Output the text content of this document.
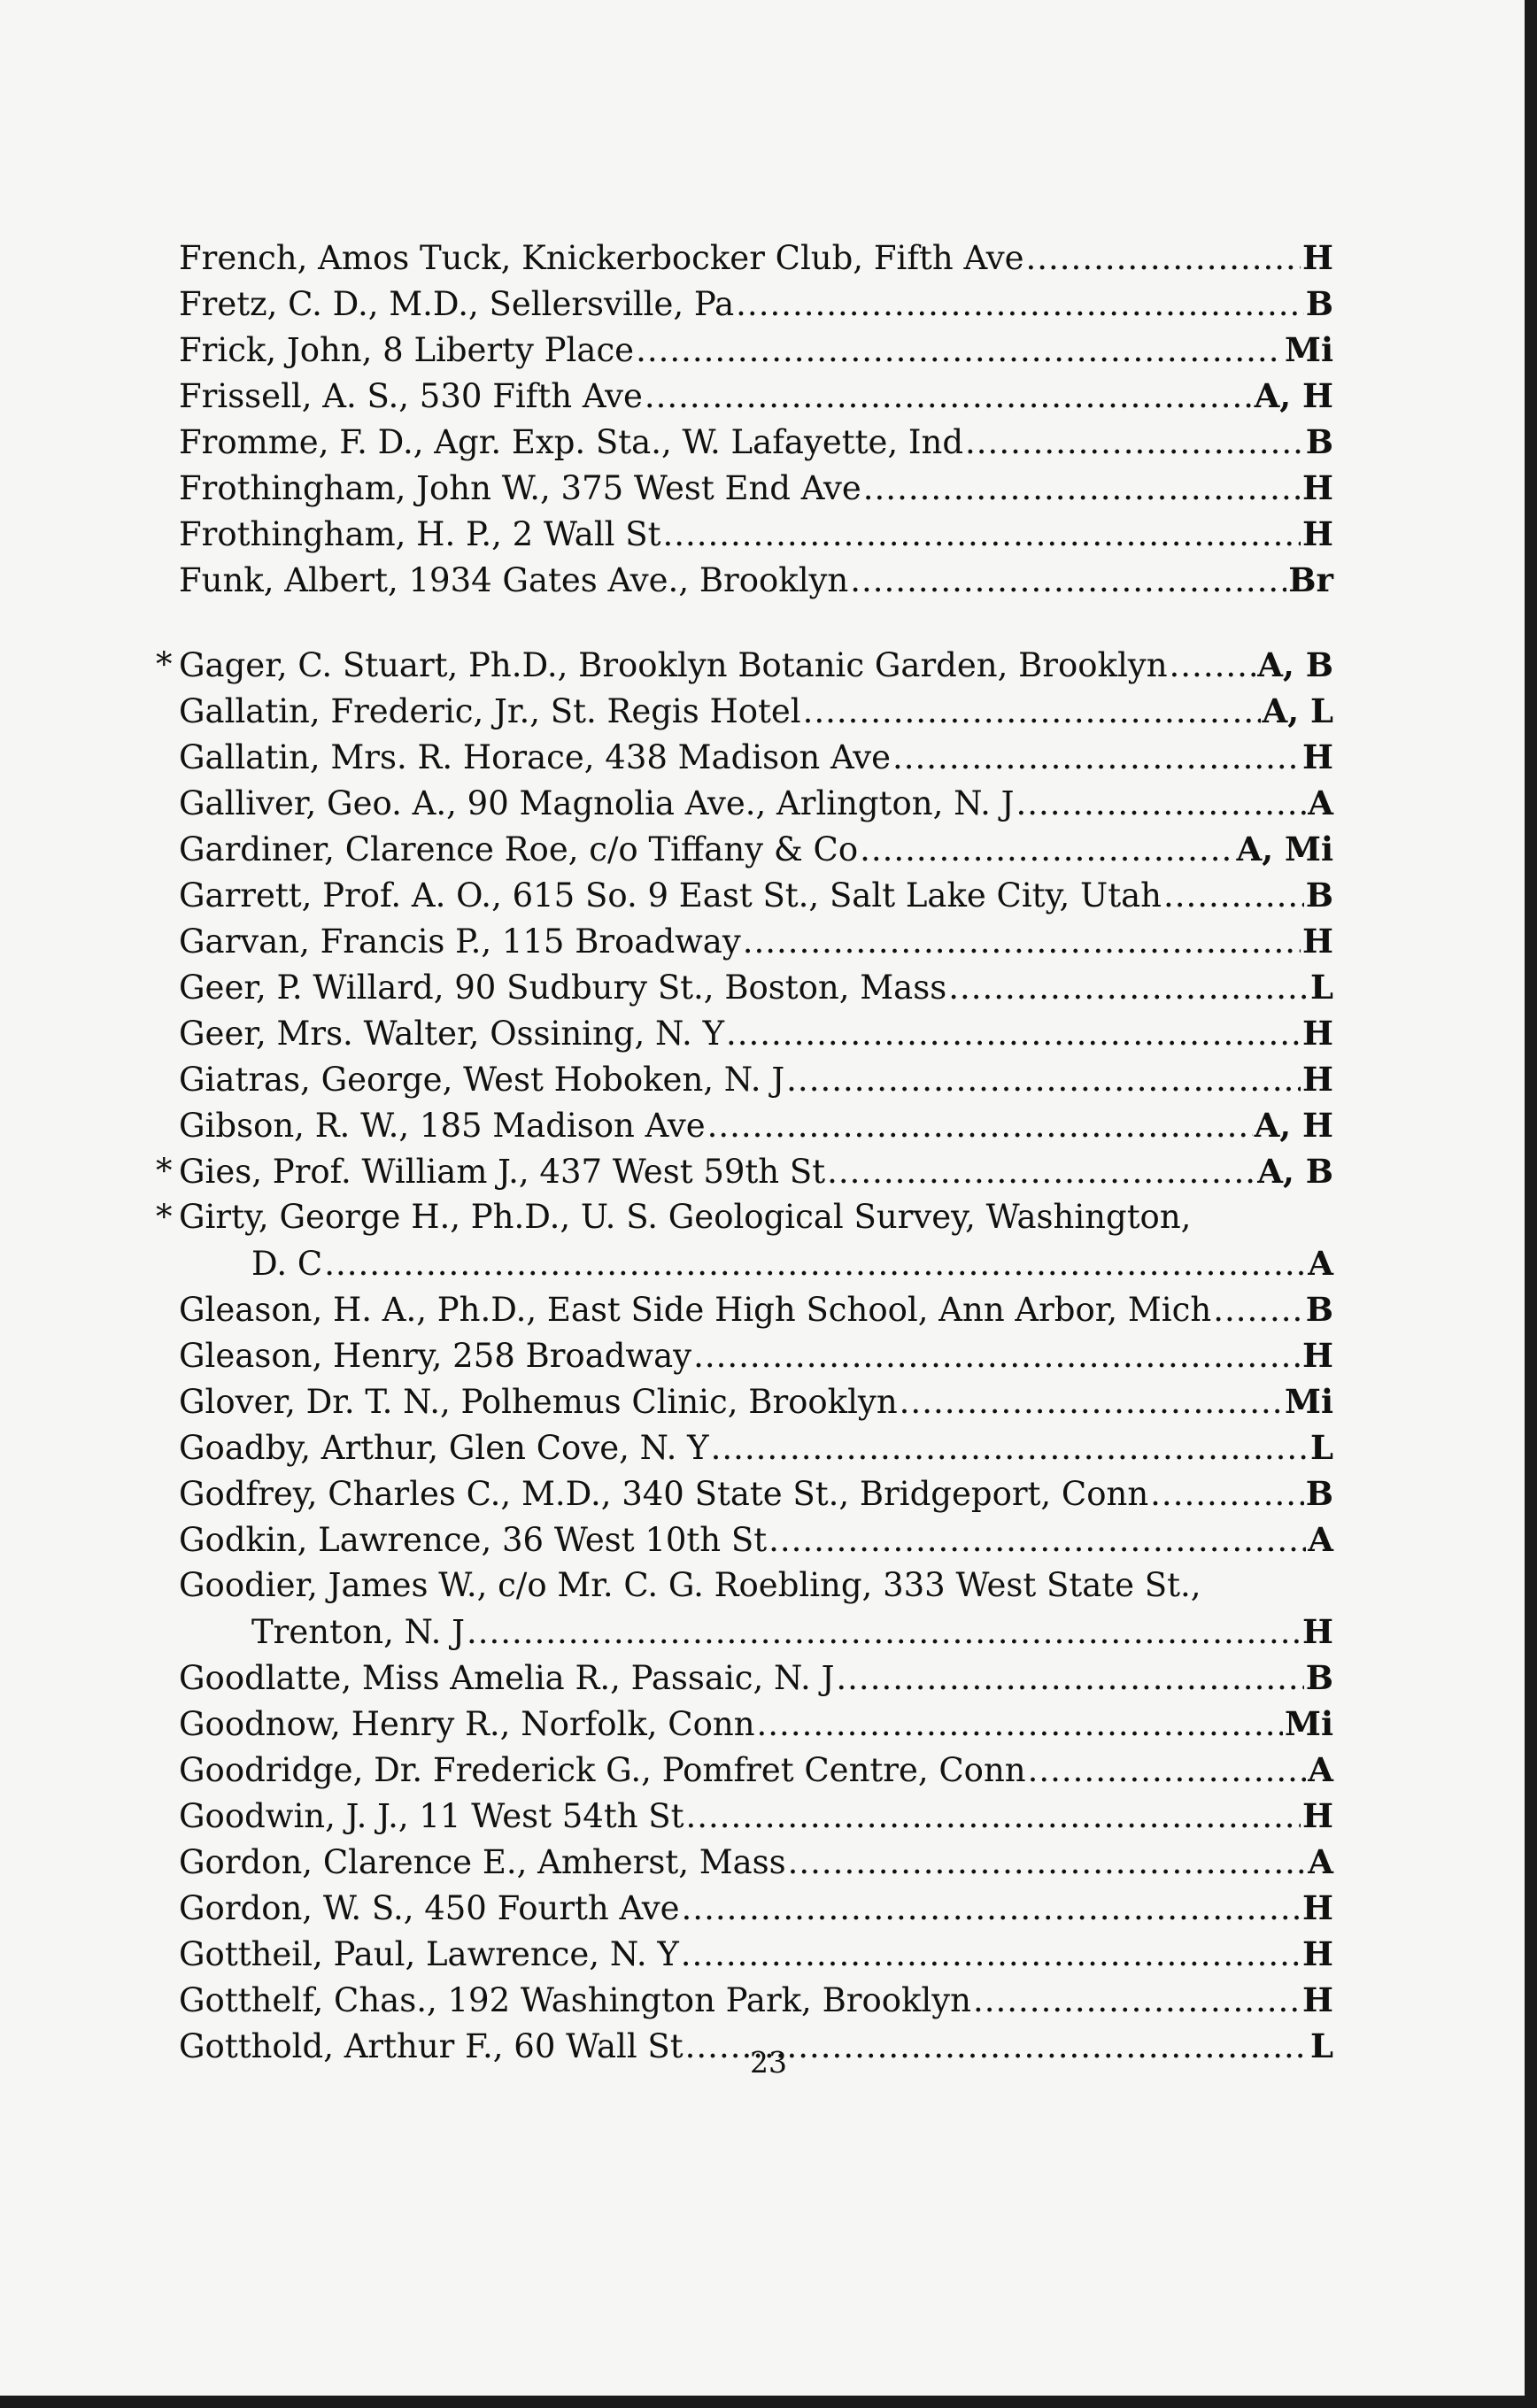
French, Amos Tuck, Knickerbocker Club, Fifth Ave .....	H
Fretz, C. D., M.D., Sellersville, Pa .....	B
Frick, John, 8 Liberty Place .....	Mi
Frissell, A. S., 530 Fifth Ave .....	A, H
Fromme, F. D., Agr. Exp. Sta., W. Lafayette, Ind .....	B
Frothingham, John W., 375 West End Ave .....	H
Frothingham, H. P., 2 Wall St .....	H
Funk, Albert, 1934 Gates Ave., Brooklyn .....	Br
* Gager, C. Stuart, Ph.D., Brooklyn Botanic Garden, Brooklyn .....	A, B
Gallatin, Frederic, Jr., St. Regis Hotel .....	A, L
Gallatin, Mrs. R. Horace, 438 Madison Ave .....	H
Galliver, Geo. A., 90 Magnolia Ave., Arlington, N. J .....	A
Gardiner, Clarence Roe, c/o Tiffany & Co .....	A, Mi
Garrett, Prof. A. O., 615 So. 9 East St., Salt Lake City, Utah .....	B
Garvan, Francis P., 115 Broadway .....	H
Geer, P. Willard, 90 Sudbury St., Boston, Mass .....	L
Geer, Mrs. Walter, Ossining, N. Y .....	H
Giatras, George, West Hoboken, N. J .....	H
Gibson, R. W., 185 Madison Ave .....	A, H
* Gies, Prof. William J., 437 West 59th St .....	A, B
* Girty, George H., Ph.D., U. S. Geological Survey, Washington,
D. C .....	A
Gleason, H. A., Ph.D., East Side High School, Ann Arbor, Mich .....	B
Gleason, Henry, 258 Broadway .....	H
Glover, Dr. T. N., Polhemus Clinic, Brooklyn .....	Mi
Goadby, Arthur, Glen Cove, N. Y .....	L
Godfrey, Charles C., M.D., 340 State St., Bridgeport, Conn .....	B
Godkin, Lawrence, 36 West 10th St .....	A
Goodier, James W., c/o Mr. C. G. Roebling, 333 West State St.,
Trenton, N. J .....	H
Goodlatte, Miss Amelia R., Passaic, N. J .....	B
Goodnow, Henry R., Norfolk, Conn .....	Mi
Goodridge, Dr. Frederick G., Pomfret Centre, Conn .....	A
Goodwin, J. J., 11 West 54th St .....	H
Gordon, Clarence E., Amherst, Mass .....	A
Gordon, W. S., 450 Fourth Ave .....	H
Gottheil, Paul, Lawrence, N. Y .....	H
Gotthelf, Chas., 192 Washington Park, Brooklyn .....	H
Gotthold, Arthur F., 60 Wall St .....	L
23
